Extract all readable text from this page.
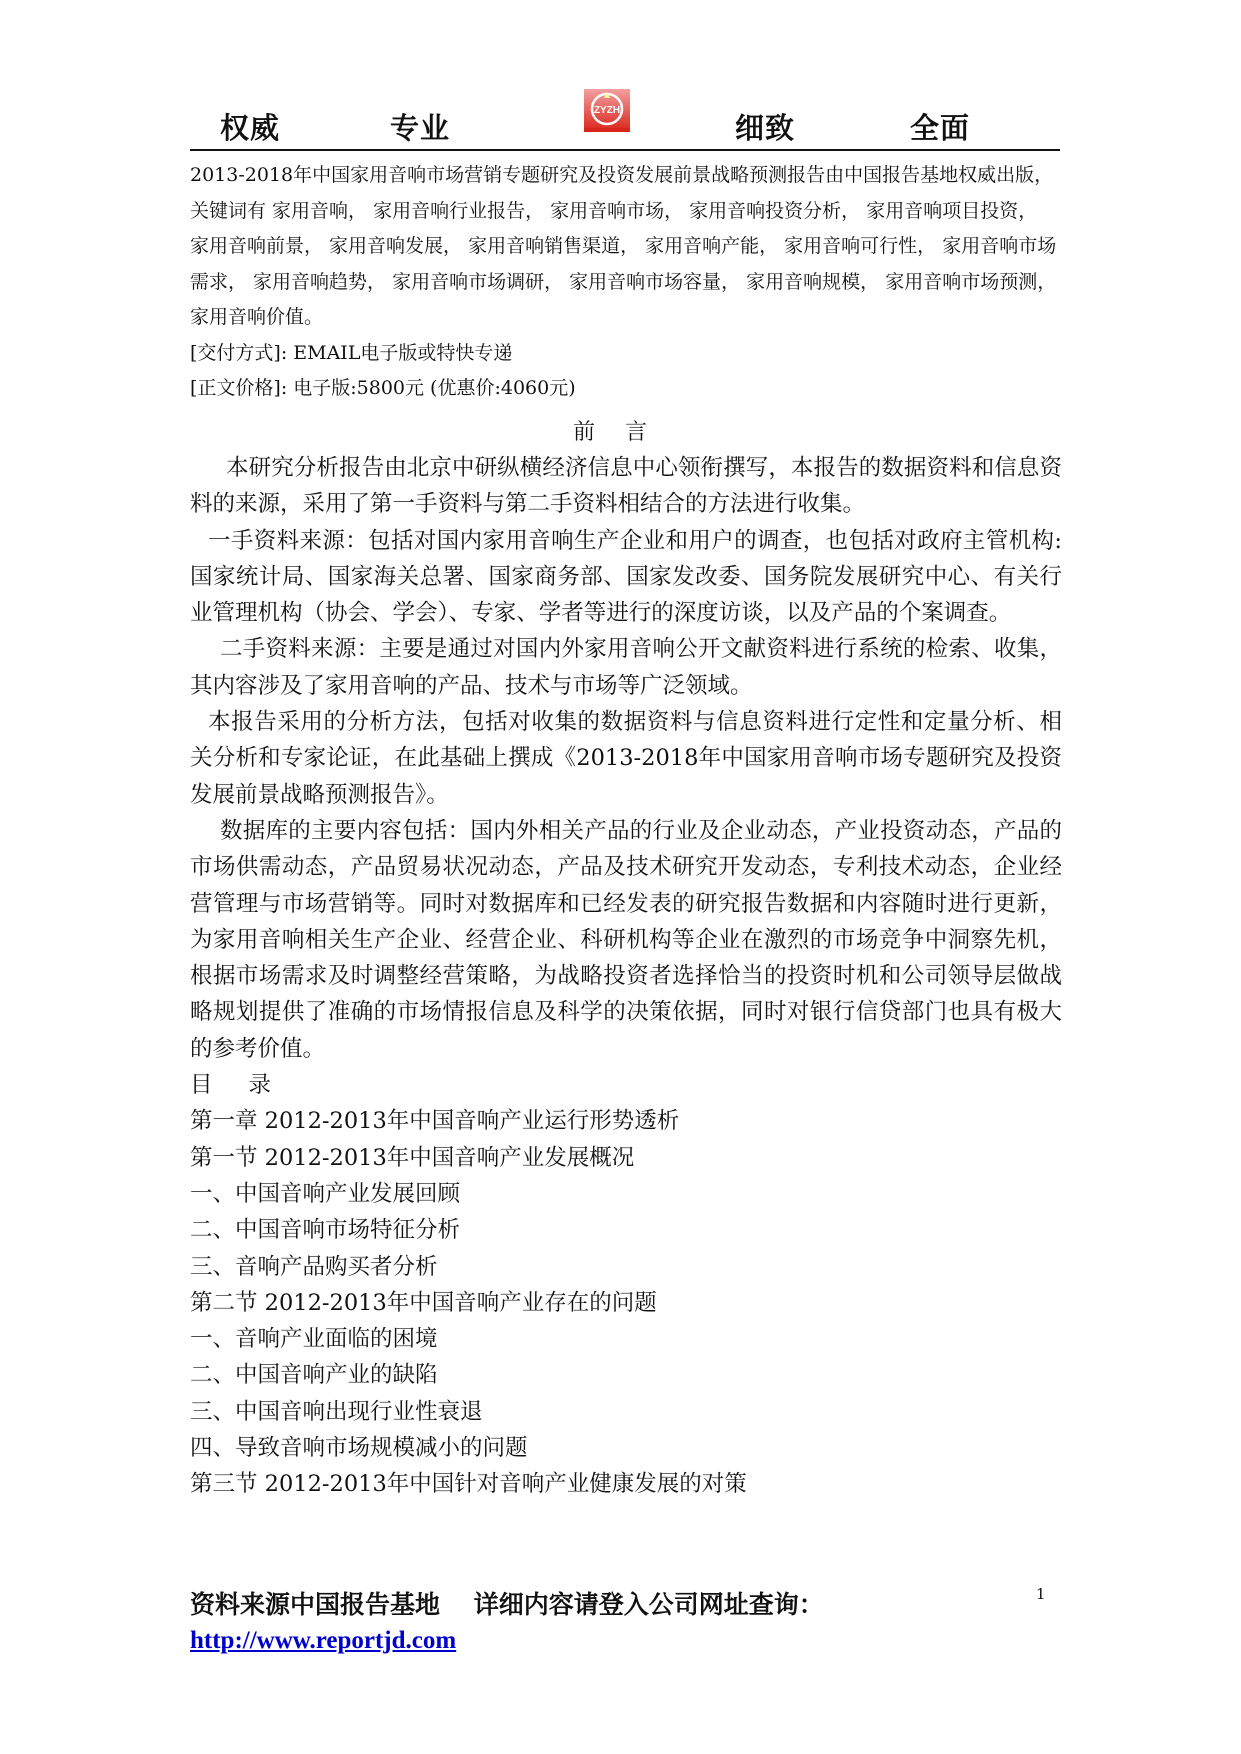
权威	专业
ZYZH
细致	全面

2013-2018年中国家用音响市场营销专题研究及投资发展前景战略预测报告由中国报告基地权威出版，关键词有 家用音响， 家用音响行业报告， 家用音响市场， 家用音响投资分析， 家用音响项目投资， 家用音响前景， 家用音响发展， 家用音响销售渠道， 家用音响产能， 家用音响可行性， 家用音响市场需求， 家用音响趋势， 家用音响市场调研， 家用音响市场容量， 家用音响规模， 家用音响市场预测， 家用音响价值。

[交付方式]: EMAIL电子版或特快专递

[正文价格]: 电子版:5800元 (优惠价:4060元)

前言

本研究分析报告由北京中研纵横经济信息中心领衔撰写，本报告的数据资料和信息资料的来源，采用了第一手资料与第二手资料相结合的方法进行收集。

一手资料来源：包括对国内家用音响生产企业和用户的调查，也包括对政府主管机构:国家统计局、国家海关总署、国家商务部、国家发改委、国务院发展研究中心、有关行业管理机构（协会、学会）、专家、学者等进行的深度访谈，以及产品的个案调查。

二手资料来源：主要是通过对国内外家用音响公开文献资料进行系统的检索、收集，其内容涉及了家用音响的产品、技术与市场等广泛领域。

本报告采用的分析方法，包括对收集的数据资料与信息资料进行定性和定量分析、相关分析和专家论证，在此基础上撰成《2013-2018年中国家用音响市场专题研究及投资发展前景战略预测报告》。

数据库的主要内容包括：国内外相关产品的行业及企业动态，产业投资动态，产品的市场供需动态，产品贸易状况动态，产品及技术研究开发动态，专利技术动态，企业经营管理与市场营销等。同时对数据库和已经发表的研究报告数据和内容随时进行更新，为家用音响相关生产企业、经营企业、科研机构等企业在激烈的市场竞争中洞察先机，根据市场需求及时调整经营策略，为战略投资者选择恰当的投资时机和公司领导层做战略规划提供了准确的市场情报信息及科学的决策依据，同时对银行信贷部门也具有极大的参考价值。

目录

第一章 2012-2013年中国音响产业运行形势透析

第一节 2012-2013年中国音响产业发展概况

一、中国音响产业发展回顾

二、中国音响市场特征分析

三、音响产品购买者分析

第二节 2012-2013年中国音响产业存在的问题

一、音响产业面临的困境

二、中国音响产业的缺陷

三、中国音响出现行业性衰退

四、导致音响市场规模减小的问题

第三节 2012-2013年中国针对音响产业健康发展的对策

资料来源中国报告基地　 详细内容请登入公司网址查询：
http://www.reportjd.com
1
